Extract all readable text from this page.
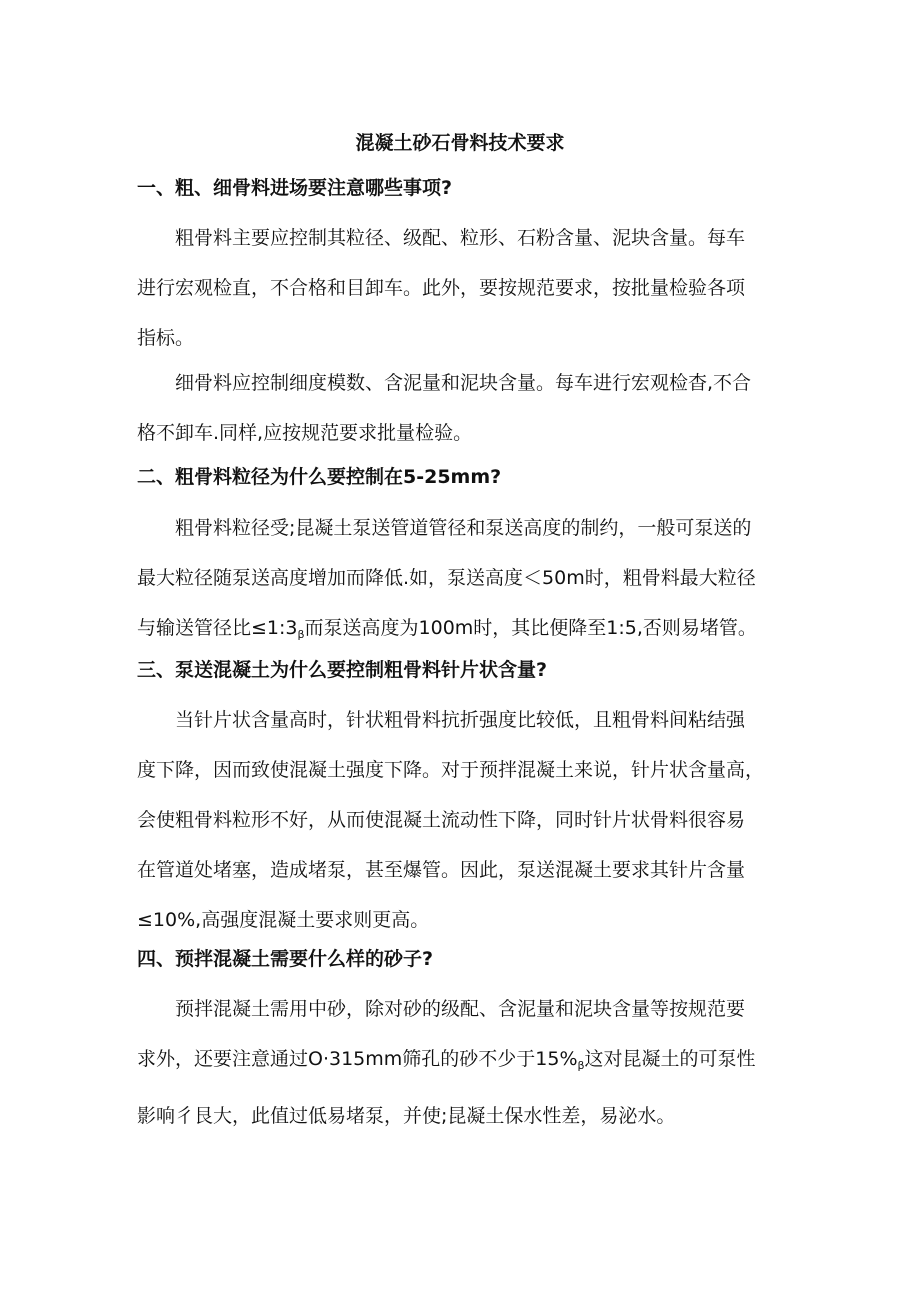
混凝土砂石骨料技术要求
一、粗、细骨料进场要注意哪些事项?

粗骨料主要应控制其粒径、级配、粒形、石粉含量、泥块含量。每车
进行宏观检直，不合格和目卸车。此外，要按规范要求，按批量检验各项
指标。

细骨料应控制细度模数、含泥量和泥块含量。每车进行宏观检杳,不合
格不卸车.同样,应按规范要求批量检验。

二、粗骨料粒径为什么要控制在5-25mm?

粗骨料粒径受;昆凝土泵送管道管径和泵送高度的制约，一般可泵送的
最大粒径随泵送高度增加而降低.如，泵送高度＜50m时，粗骨料最大粒径
与输送管径比$\le 1:3_\beta$而泵送高度为100m时，其比便降至1:5,否则易堵管。

三、泵送混凝土为什么要控制粗骨料针片状含量?

当针片状含量高时，针状粗骨料抗折强度比较低，且粗骨料间粘结强
度下降，因而致使混凝土强度下降。对于预拌混凝土来说，针片状含量高，
会使粗骨料粒形不好，从而使混凝土流动性下降，同时针片状骨料很容易
在管道处堵塞，造成堵泵，甚至爆管。因此，泵送混凝土要求其针片含量
≤10%,高强度混凝土要求则更高。

四、预拌混凝土需要什么样的砂子?

预拌混凝土需用中砂，除对砂的级配、含泥量和泥块含量等按规范要
求外，还要注意通过O·315mm筛孔的砂不少于$15\%_\beta$这对昆凝土的可泵性
影响彳艮大，此值过低易堵泵，并使;昆凝土保水性差，易泌水。
